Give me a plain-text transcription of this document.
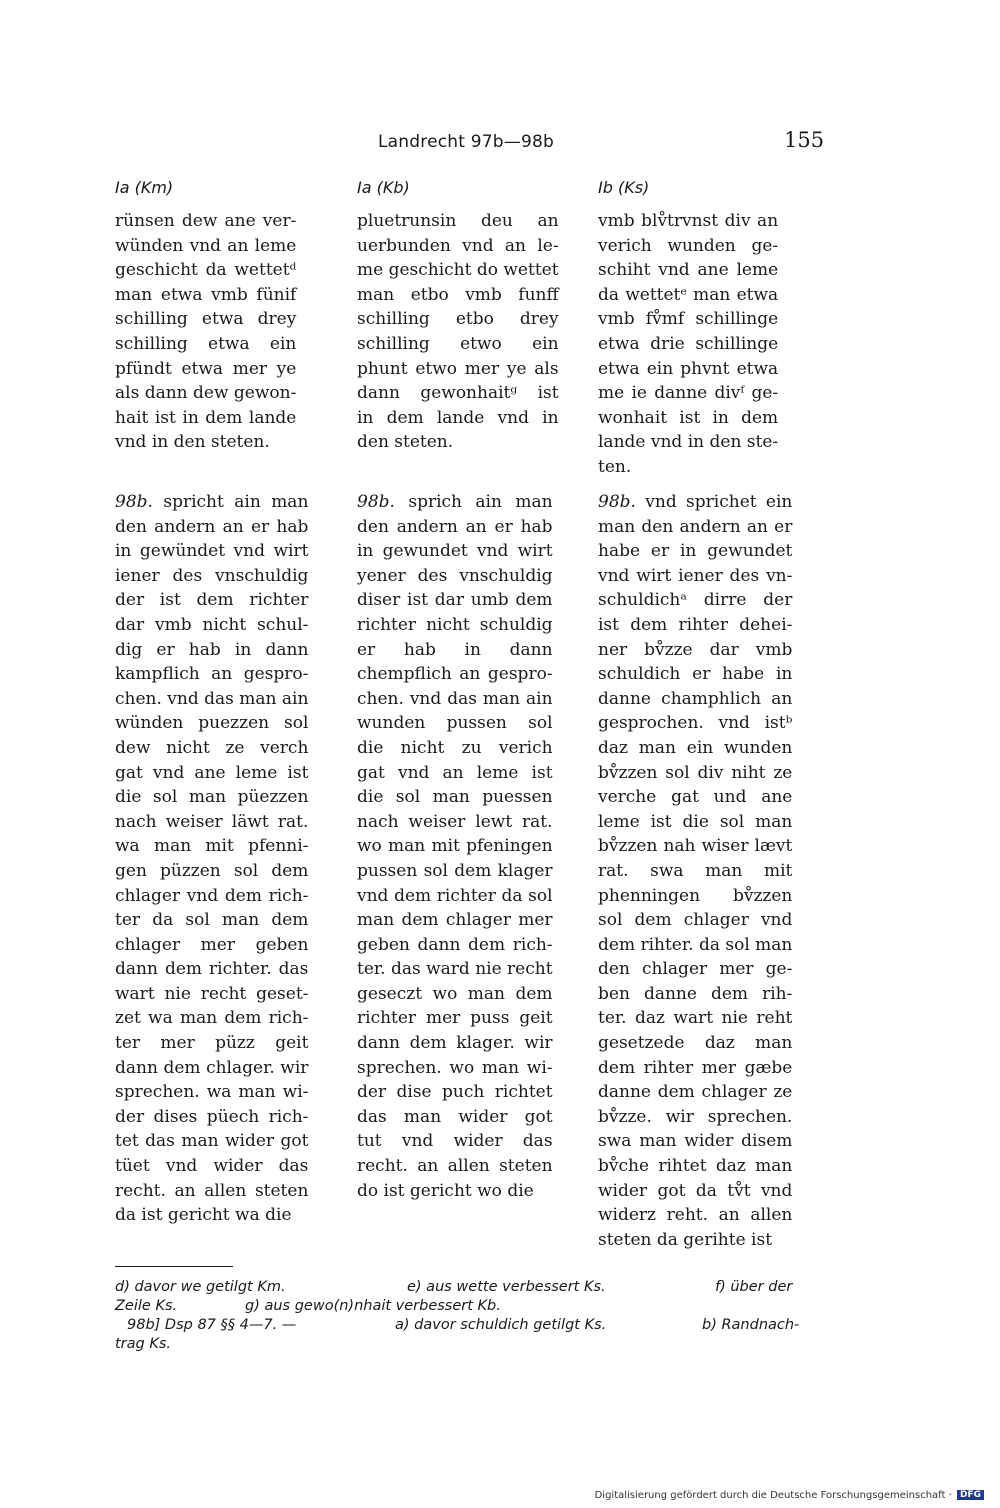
Landrecht 97b—98b	155
Ia (Km)
rünsen dew ane ver-
wünden vnd an leme
geschicht da wettetᵈ
man etwa vmb fünif
schilling etwa drey
schilling etwa ein
pfündt etwa mer ye
als dann dew gewon-
hait ist in dem lande
vnd in den steten.
98b. spricht ain man
den andern an er hab
in gewündet vnd wirt
iener des vnschuldig
der ist dem richter
dar vmb nicht schul-
dig er hab in dann
kampflich an gespro-
chen. vnd das man ain
wünden puezzen sol
dew nicht ze verch
gat vnd ane leme ist
die sol man püezzen
nach weiser läwt rat.
wa man mit pfenni-
gen püzzen sol dem
chlager vnd dem rich-
ter da sol man dem
chlager mer geben
dann dem richter. das
wart nie recht geset-
zet wa man dem rich-
ter mer püzz geit
dann dem chlager. wir
sprechen. wa man wi-
der dises püech rich-
tet das man wider got
tüet vnd wider das
recht. an allen steten
da ist gericht wa die
Ia (Kb)
pluetrunsin deu an
uerbunden vnd an le-
me geschicht do wettet
man etbo vmb funff
schilling etbo drey
schilling etwo ein
phunt etwo mer ye als
dann gewonhaitᵍ ist
in dem lande vnd in
den steten.
98b. sprich ain man
den andern an er hab
in gewundet vnd wirt
yener des vnschuldig
diser ist dar umb dem
richter nicht schuldig
er hab in dann
chempflich an gespro-
chen. vnd das man ain
wunden pussen sol
die nicht zu verich
gat vnd an leme ist
die sol man puessen
nach weiser lewt rat.
wo man mit pfeningen
pussen sol dem klager
vnd dem richter da sol
man dem chlager mer
geben dann dem rich-
ter. das ward nie recht
geseczt wo man dem
richter mer puss geit
dann dem klager. wir
sprechen. wo man wi-
der dise puch richtet
das man wider got
tut vnd wider das
recht. an allen steten
do ist gericht wo die
Ib (Ks)
vmb blv̊trvnst div an
verich wunden ge-
schiht vnd ane leme
da wettetᵉ man etwa
vmb fv̊mf schillinge
etwa drie schillinge
etwa ein phvnt etwa
me ie danne divᶠ ge-
wonhait ist in dem
lande vnd in den ste-
ten.
98b. vnd sprichet ein
man den andern an er
habe er in gewundet
vnd wirt iener des vn-
schuldichᵃ dirre der
ist dem rihter dehei-
ner bv̊zze dar vmb
schuldich er habe in
danne champhlich an
gesprochen. vnd istᵇ
daz man ein wunden
bv̊zzen sol div niht ze
verche gat und ane
leme ist die sol man
bv̊zzen nah wiser lævt
rat. swa man mit
phenningen bv̊zzen
sol dem chlager vnd
dem rihter. da sol man
den chlager mer ge-
ben danne dem rih-
ter. daz wart nie reht
gesetzede daz man
dem rihter mer gæbe
danne dem chlager ze
bv̊zze. wir sprechen.
swa man wider disem
bv̊che rihtet daz man
wider got da tv̊t vnd
widerz reht. an allen
steten da gerihte ist
d) davor we getilgt Km.	e) aus wette verbessert Ks.	f) über der
Zeile Ks.	g) aus gewo(n)nhait verbessert Kb.
98b] Dsp 87 §§ 4—7. —	a) davor schuldich getilgt Ks.	b) Randnach-
trag Ks.
Digitalisierung gefördert durch die Deutsche Forschungsgemeinschaft · DFG
